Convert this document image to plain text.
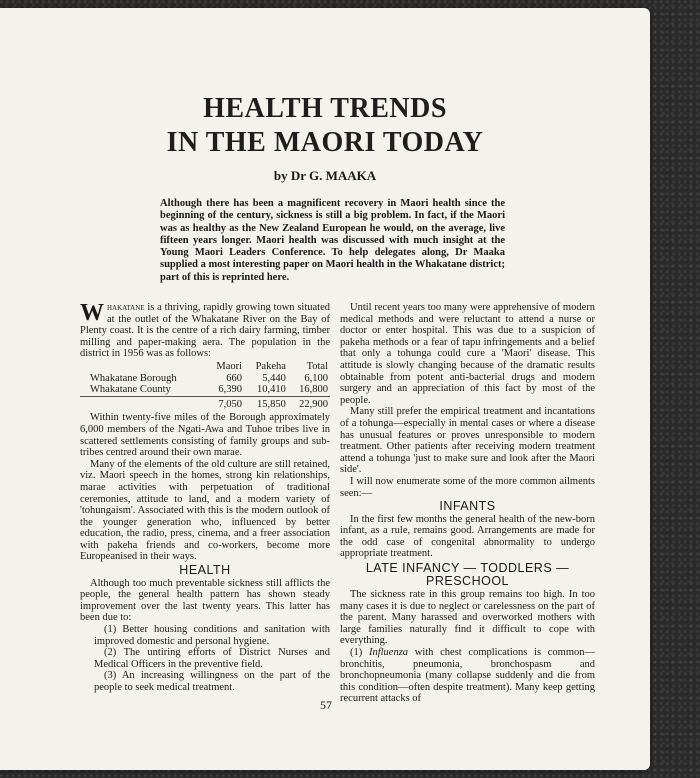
HEALTH TRENDS
IN THE MAORI TODAY
by Dr G. MAAKA
Although there has been a magnificent recovery in Maori health since the beginning of the century, sickness is still a big problem. In fact, if the Maori was as healthy as the New Zealand European he would, on the average, live fifteen years longer. Maori health was discussed with much insight at the Young Maori Leaders Conference. To help delegates along, Dr Maaka supplied a most interesting paper on Maori health in the Whakatane district; part of this is reprinted here.

Whakatane is a thriving, rapidly growing town situated at the outlet of the Whakatane River on the Bay of Plenty coast. It is the centre of a rich dairy farming, timber milling and paper-making aera. The population in the district in 1956 was as follows:

	Maori	Pakeha	Total
Whakatane Borough	660	5,440	6,100
Whakatane County	6,390	10,410	16,800
	7,050	15,850	22,900

Within twenty-five miles of the Borough approximately 6,000 members of the Ngati-Awa and Tuhoe tribes live in scattered settlements consisting of family groups and sub-tribes centred around their own marae.

Many of the elements of the old culture are still retained, viz. Maori speech in the homes, strong kin relationships, marae activities with perpetuation of traditional ceremonies, attitude to land, and a modern variety of 'tohungaism'. Associated with this is the modern outlook of the younger generation who, influenced by better education, the radio, press, cinema, and a freer association with pakeha friends and co-workers, become more Europeanised in their ways.

HEALTH

Although too much preventable sickness still afflicts the people, the general health pattern has shown steady improvement over the last twenty years. This latter has been due to:

(1) Better housing conditions and sanitation with improved domestic and personal hygiene.

(2) The untiring efforts of District Nurses and Medical Officers in the preventive field.

(3) An increasing willingness on the part of the people to seek medical treatment.

Until recent years too many were apprehensive of modern medical methods and were reluctant to attend a nurse or doctor or enter hospital. This was due to a suspicion of pakeha methods or a fear of tapu infringements and a belief that only a tohunga could cure a 'Maori' disease. This attitude is slowly changing because of the dramatic results obtainable from potent anti-bacterial drugs and modern surgery and an appreciation of this fact by most of the people.

Many still prefer the empirical treatment and incantations of a tohunga—especially in mental cases or where a disease has unusual features or proves unresponsible to modern treatment. Other patients after receiving modern treatment attend a tohunga 'just to make sure and look after the Maori side'.

I will now enumerate some of the more common ailments seen:—

INFANTS

In the first few months the general health of the new-born infant, as a rule, remains good. Arrangements are made for the odd case of congenital abnormality to undergo appropriate treatment.

LATE INFANCY — TODDLERS —
PRESCHOOL

The sickness rate in this group remains too high. In too many cases it is due to neglect or carelessness on the part of the parent. Many harassed and overworked mothers with large families naturally find it difficult to cope with everything.

(1) Influenza with chest complications is common—bronchitis, pneumonia, bronchospasm and bronchopneumonia (many collapse suddenly and die from this condition—often despite treatment). Many keep getting recurrent attacks of

57
